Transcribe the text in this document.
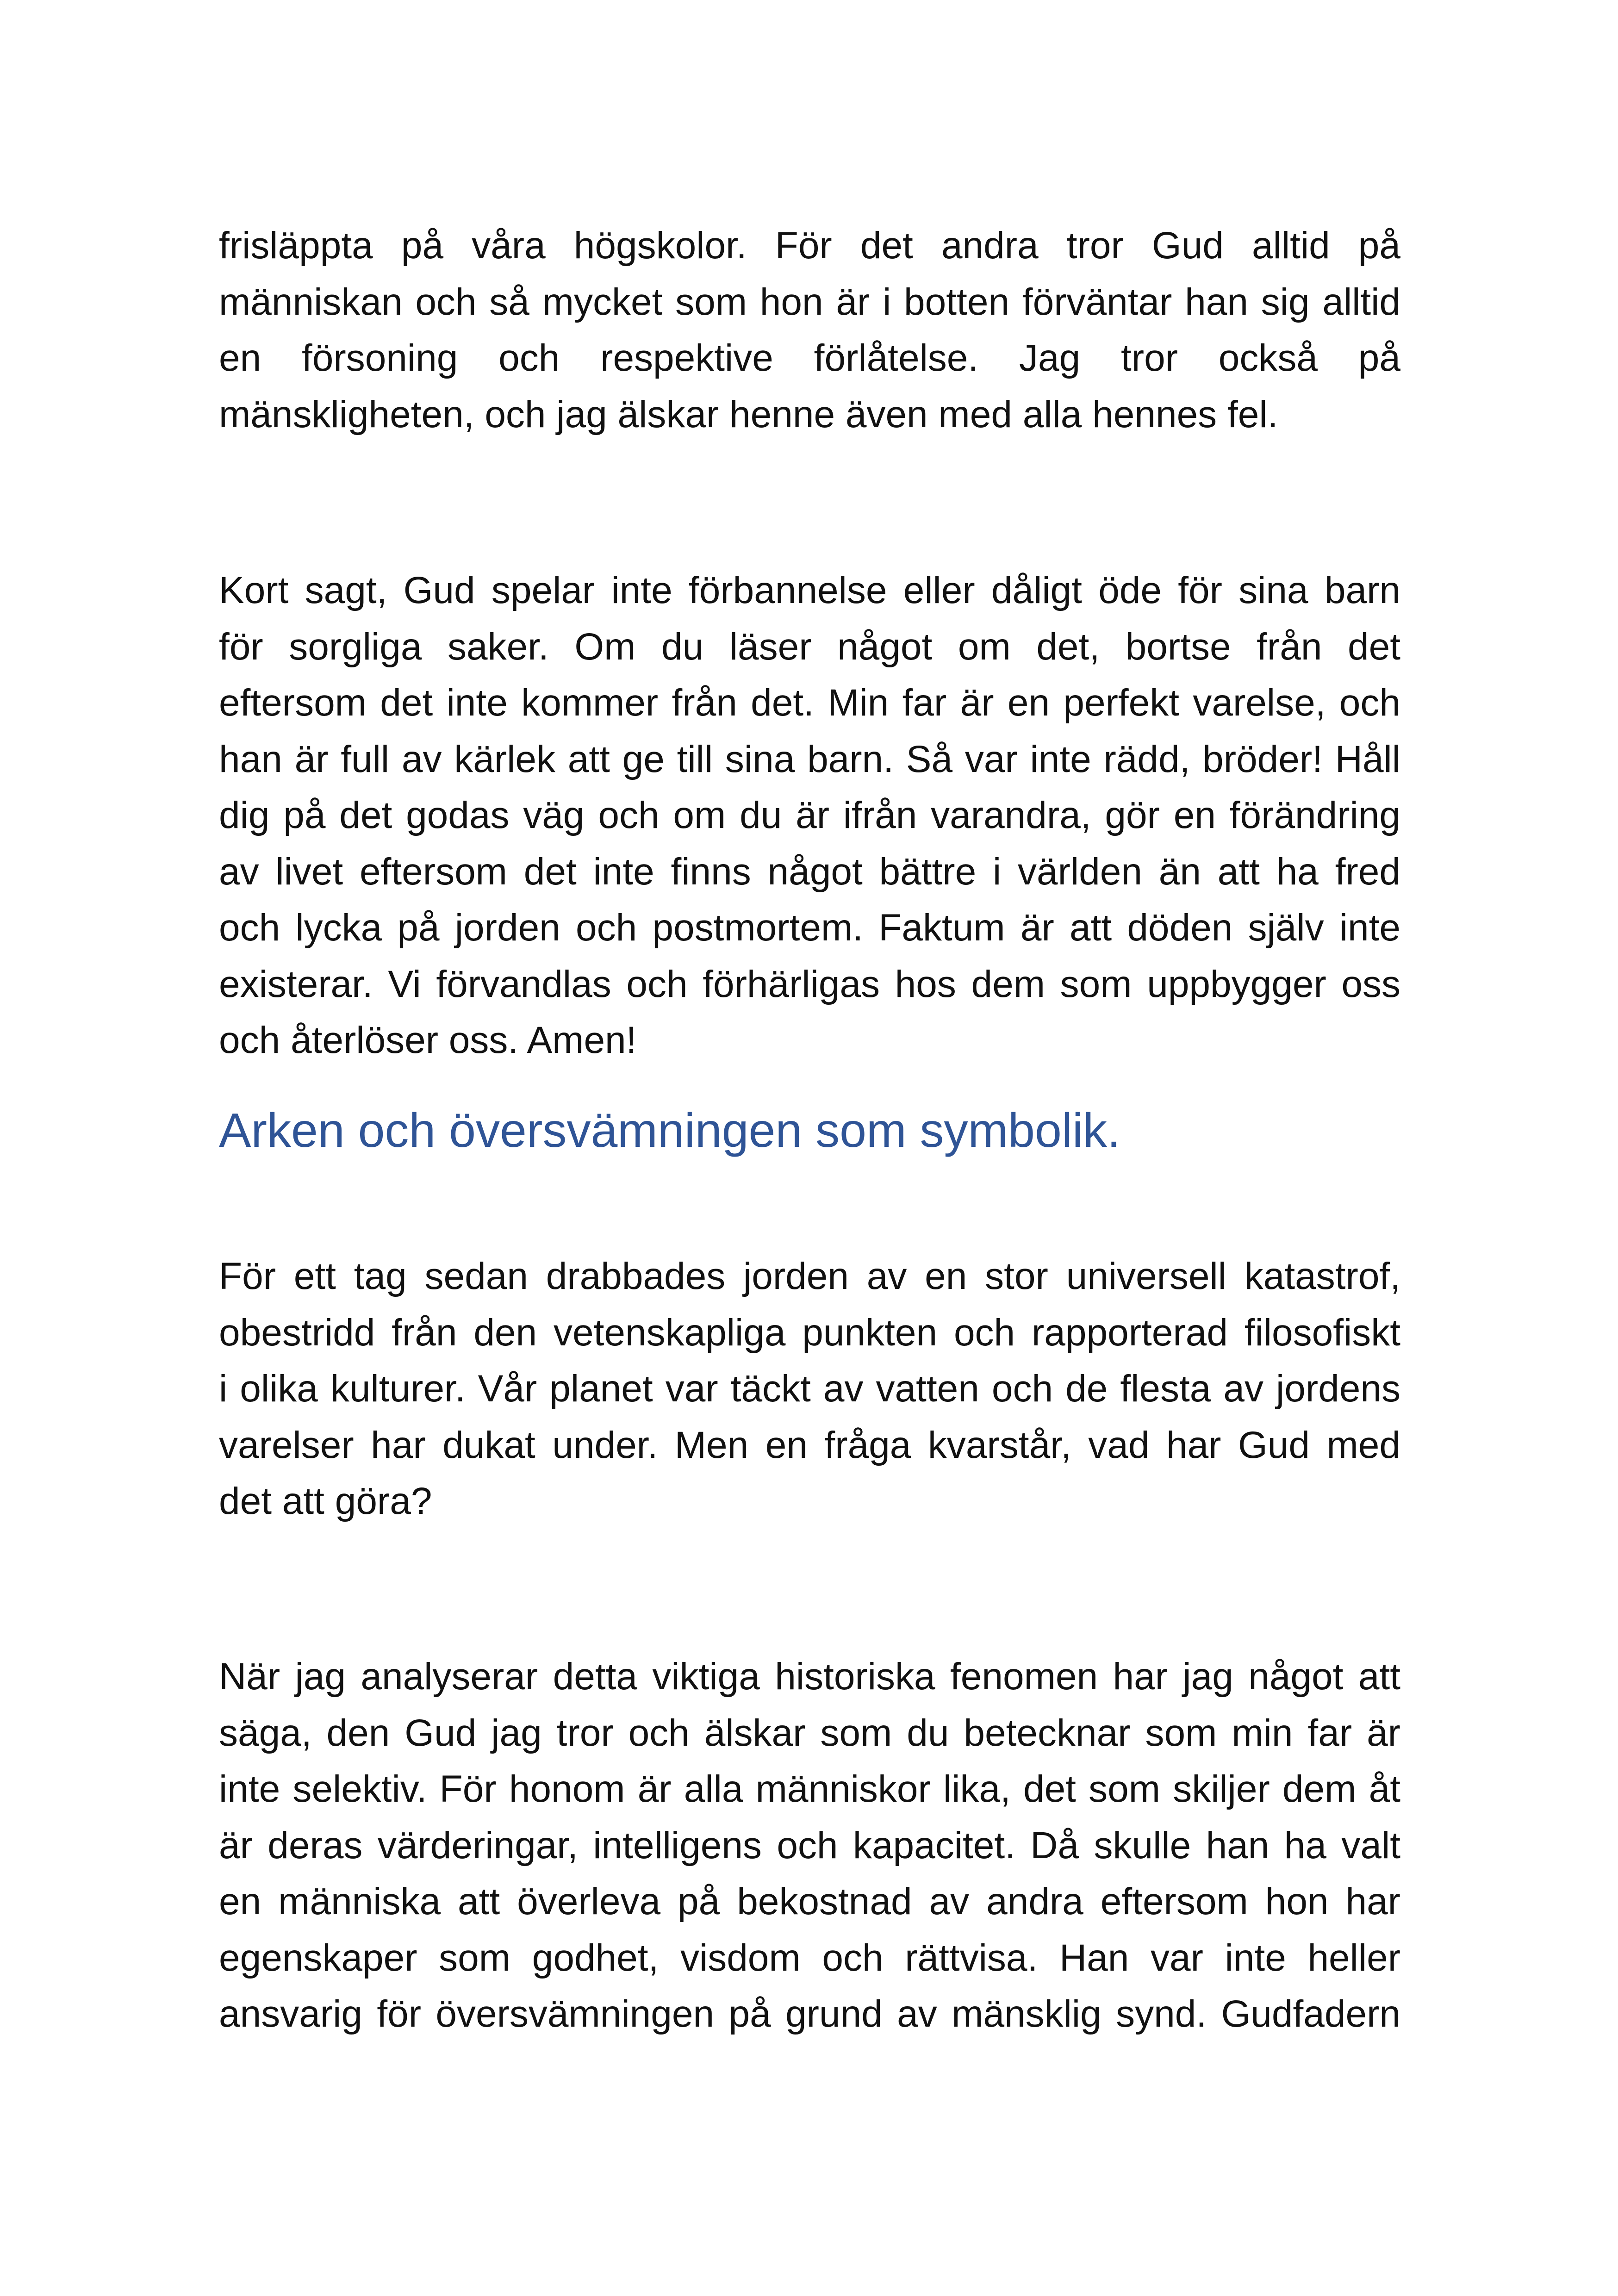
frisläppta på våra högskolor. För det andra tror Gud alltid på
människan och så mycket som hon är i botten förväntar han sig alltid
en försoning och respektive förlåtelse. Jag tror också på
mänskligheten, och jag älskar henne även med alla hennes fel.
Kort sagt, Gud spelar inte förbannelse eller dåligt öde för sina barn
för sorgliga saker. Om du läser något om det, bortse från det
eftersom det inte kommer från det. Min far är en perfekt varelse, och
han är full av kärlek att ge till sina barn. Så var inte rädd, bröder! Håll
dig på det godas väg och om du är ifrån varandra, gör en förändring
av livet eftersom det inte finns något bättre i världen än att ha fred
och lycka på jorden och postmortem. Faktum är att döden själv inte
existerar. Vi förvandlas och förhärligas hos dem som uppbygger oss
och återlöser oss. Amen!
Arken och översvämningen som symbolik.
För ett tag sedan drabbades jorden av en stor universell katastrof,
obestridd från den vetenskapliga punkten och rapporterad filosofiskt
i olika kulturer. Vår planet var täckt av vatten och de flesta av jordens
varelser har dukat under. Men en fråga kvarstår, vad har Gud med
det att göra?
När jag analyserar detta viktiga historiska fenomen har jag något att
säga, den Gud jag tror och älskar som du betecknar som min far är
inte selektiv. För honom är alla människor lika, det som skiljer dem åt
är deras värderingar, intelligens och kapacitet. Då skulle han ha valt
en människa att överleva på bekostnad av andra eftersom hon har
egenskaper som godhet, visdom och rättvisa. Han var inte heller
ansvarig för översvämningen på grund av mänsklig synd. Gudfadern
